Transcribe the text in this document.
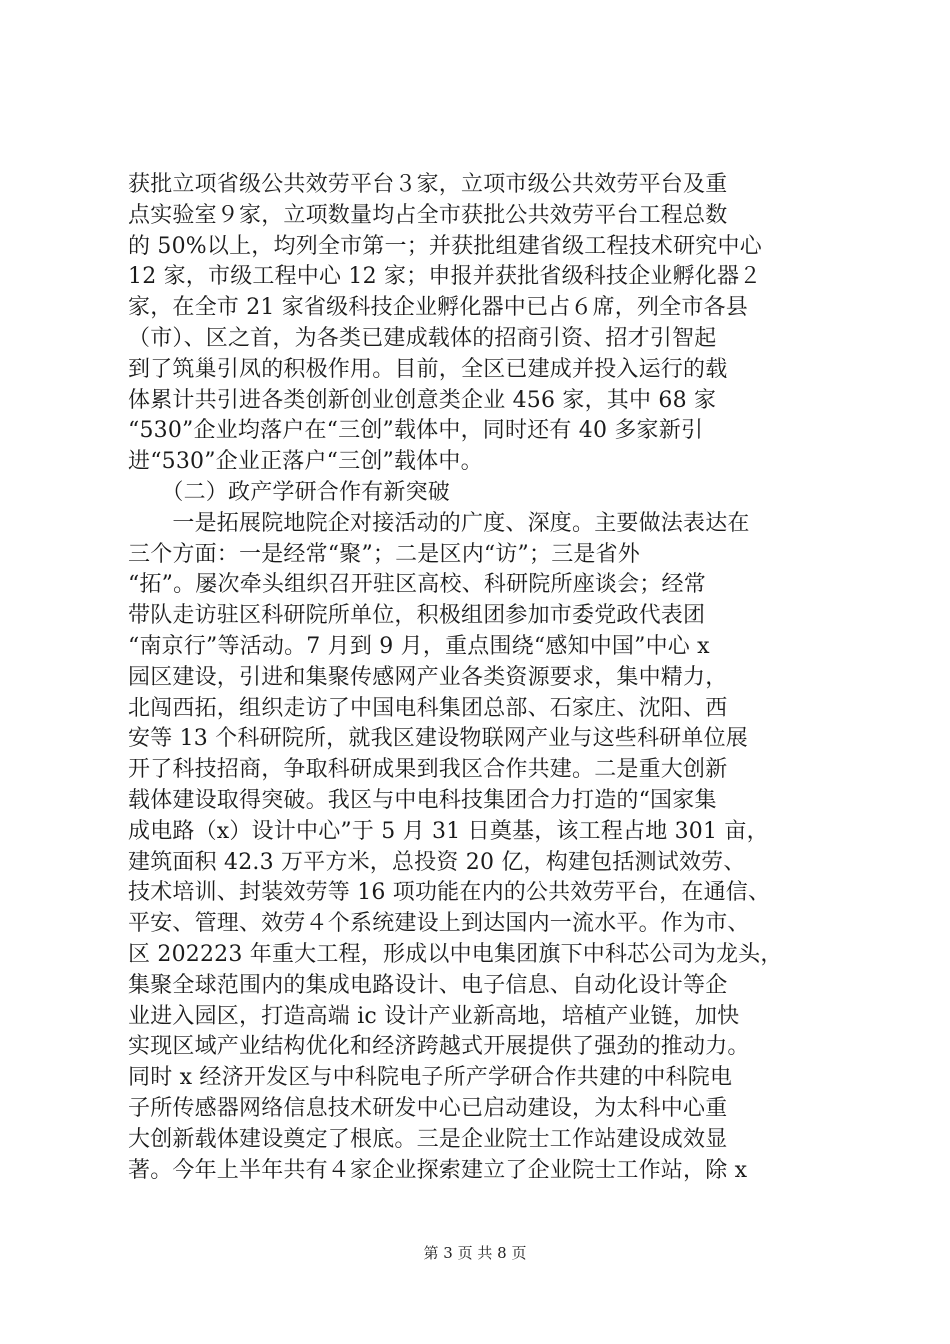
获批立项省级公共效劳平台３家，立项市级公共效劳平台及重
点实验室９家，立项数量均占全市获批公共效劳平台工程总数
的 50%以上，均列全市第一；并获批组建省级工程技术研究中心
12 家，市级工程中心 12 家；申报并获批省级科技企业孵化器２
家，在全市 21 家省级科技企业孵化器中已占６席，列全市各县
（市）、区之首，为各类已建成载体的招商引资、招才引智起
到了筑巢引凤的积极作用。目前，全区已建成并投入运行的载
体累计共引进各类创新创业创意类企业 456 家，其中 68 家
“530”企业均落户在“三创”载体中，同时还有 40 多家新引
进“530”企业正落户“三创”载体中。
　　（二）政产学研合作有新突破
　　一是拓展院地院企对接活动的广度、深度。主要做法表达在
三个方面：一是经常“聚”；二是区内“访”；三是省外
“拓”。屡次牵头组织召开驻区高校、科研院所座谈会；经常
带队走访驻区科研院所单位，积极组团参加市委党政代表团
“南京行”等活动。7 月到 9 月，重点围绕“感知中国”中心 x
园区建设，引进和集聚传感网产业各类资源要求，集中精力，
北闯西拓，组织走访了中国电科集团总部、石家庄、沈阳、西
安等 13 个科研院所，就我区建设物联网产业与这些科研单位展
开了科技招商，争取科研成果到我区合作共建。二是重大创新
载体建设取得突破。我区与中电科技集团合力打造的“国家集
成电路（x）设计中心”于 5 月 31 日奠基，该工程占地 301 亩，
建筑面积 42.3 万平方米，总投资 20 亿，构建包括测试效劳、
技术培训、封装效劳等 16 项功能在内的公共效劳平台，在通信、
平安、管理、效劳４个系统建设上到达国内一流水平。作为市、
区 202223 年重大工程，形成以中电集团旗下中科芯公司为龙头，
集聚全球范围内的集成电路设计、电子信息、自动化设计等企
业进入园区，打造高端 ic 设计产业新高地，培植产业链，加快
实现区域产业结构优化和经济跨越式开展提供了强劲的推动力。
同时 x 经济开发区与中科院电子所产学研合作共建的中科院电
子所传感器网络信息技术研发中心已启动建设，为太科中心重
大创新载体建设奠定了根底。三是企业院士工作站建设成效显
著。今年上半年共有４家企业探索建立了企业院士工作站，除 x
第 3 页 共 8 页
